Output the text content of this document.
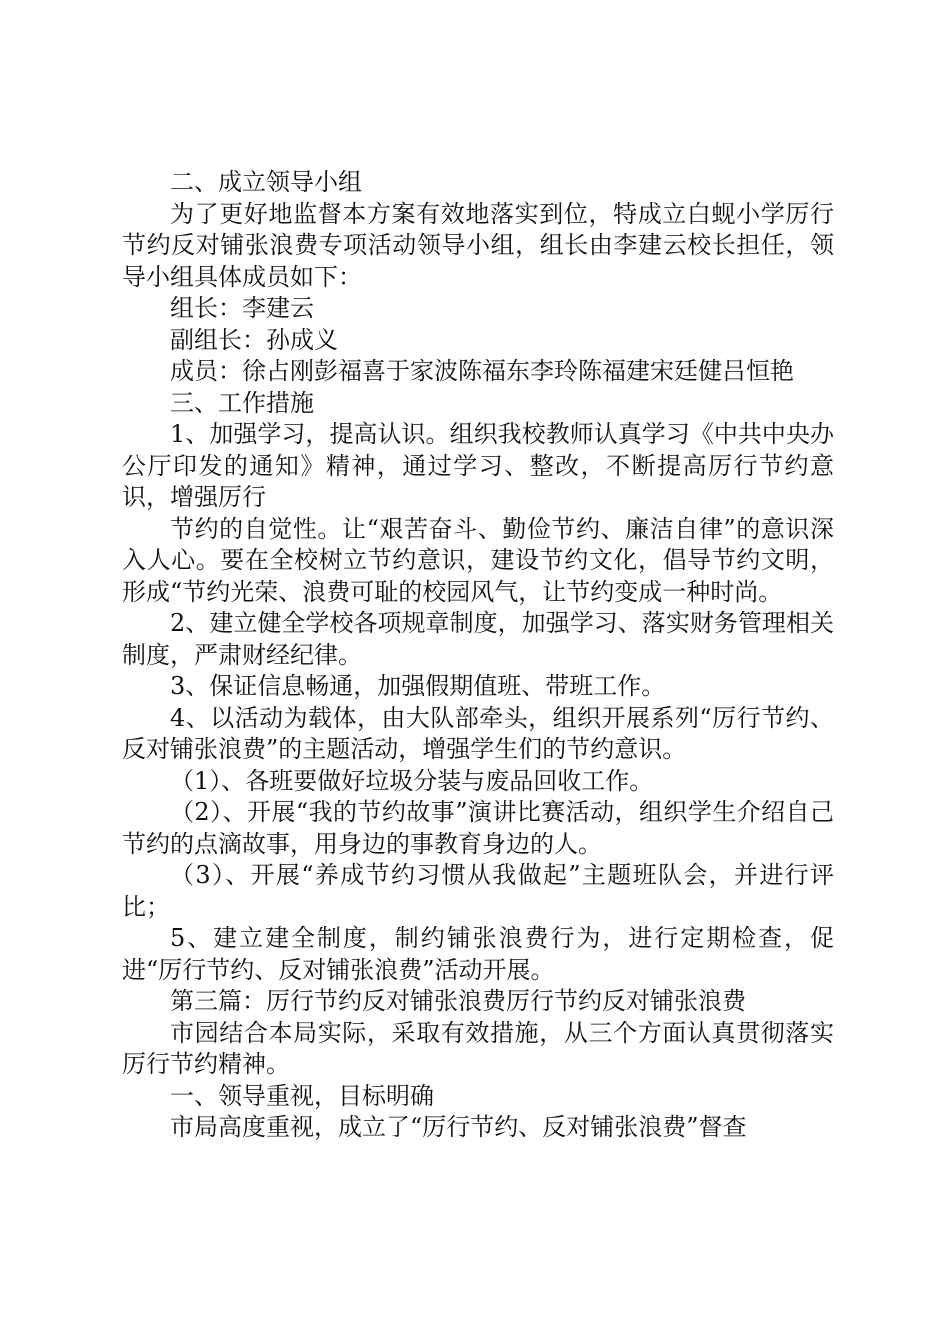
二、成立领导小组

为了更好地监督本方案有效地落实到位，特成立白蚬小学厉行节约反对铺张浪费专项活动领导小组，组长由李建云校长担任，领导小组具体成员如下：

组长：李建云

副组长：孙成义

成员：徐占刚彭福喜于家波陈福东李玲陈福建宋廷健吕恒艳

三、工作措施

1、加强学习，提高认识。组织我校教师认真学习《中共中央办公厅印发的通知》精神，通过学习、整改，不断提高厉行节约意识，增强厉行

节约的自觉性。让“艰苦奋斗、勤俭节约、廉洁自律”的意识深入人心。要在全校树立节约意识，建设节约文化，倡导节约文明，形成“节约光荣、浪费可耻的校园风气，让节约变成一种时尚。

2、建立健全学校各项规章制度，加强学习、落实财务管理相关制度，严肃财经纪律。

3、保证信息畅通，加强假期值班、带班工作。

4、以活动为载体，由大队部牵头，组织开展系列“厉行节约、反对铺张浪费”的主题活动，增强学生们的节约意识。

（1）、各班要做好垃圾分装与废品回收工作。

（2）、开展“我的节约故事”演讲比赛活动，组织学生介绍自己节约的点滴故事，用身边的事教育身边的人。

（3）、开展“养成节约习惯从我做起”主题班队会，并进行评比；

5、建立建全制度，制约铺张浪费行为，进行定期检查，促进“厉行节约、反对铺张浪费”活动开展。

第三篇：厉行节约反对铺张浪费厉行节约反对铺张浪费

市园结合本局实际，采取有效措施，从三个方面认真贯彻落实厉行节约精神。

一、领导重视，目标明确

市局高度重视，成立了“厉行节约、反对铺张浪费”督查
